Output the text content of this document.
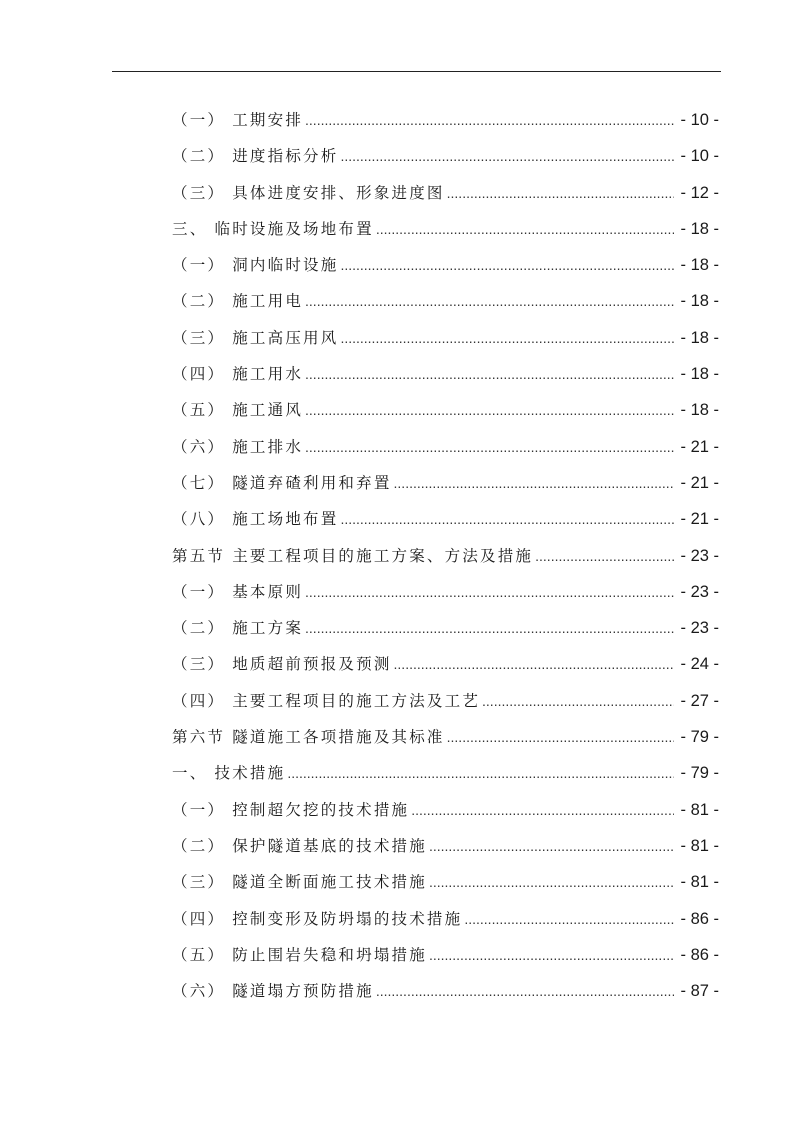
（一） 工期安排 .....	- 10 -
（二） 进度指标分析 .....	- 10 -
（三） 具体进度安排、形象进度图 .....	- 12 -
三、 临时设施及场地布置 .....	- 18 -
（一） 洞内临时设施 .....	- 18 -
（二） 施工用电 .....	- 18 -
（三） 施工高压用风 .....	- 18 -
（四） 施工用水 .....	- 18 -
（五） 施工通风 .....	- 18 -
（六） 施工排水 .....	- 21 -
（七） 隧道弃碴利用和弃置 .....	- 21 -
（八） 施工场地布置 .....	- 21 -
第五节 主要工程项目的施工方案、方法及措施 .....	- 23 -
（一） 基本原则 .....	- 23 -
（二） 施工方案 .....	- 23 -
（三） 地质超前预报及预测 .....	- 24 -
（四） 主要工程项目的施工方法及工艺 .....	- 27 -
第六节 隧道施工各项措施及其标准 .....	- 79 -
一、 技术措施 .....	- 79 -
（一） 控制超欠挖的技术措施 .....	- 81 -
（二） 保护隧道基底的技术措施 .....	- 81 -
（三） 隧道全断面施工技术措施 .....	- 81 -
（四） 控制变形及防坍塌的技术措施 .....	- 86 -
（五） 防止围岩失稳和坍塌措施 .....	- 86 -
（六） 隧道塌方预防措施 .....	- 87 -
